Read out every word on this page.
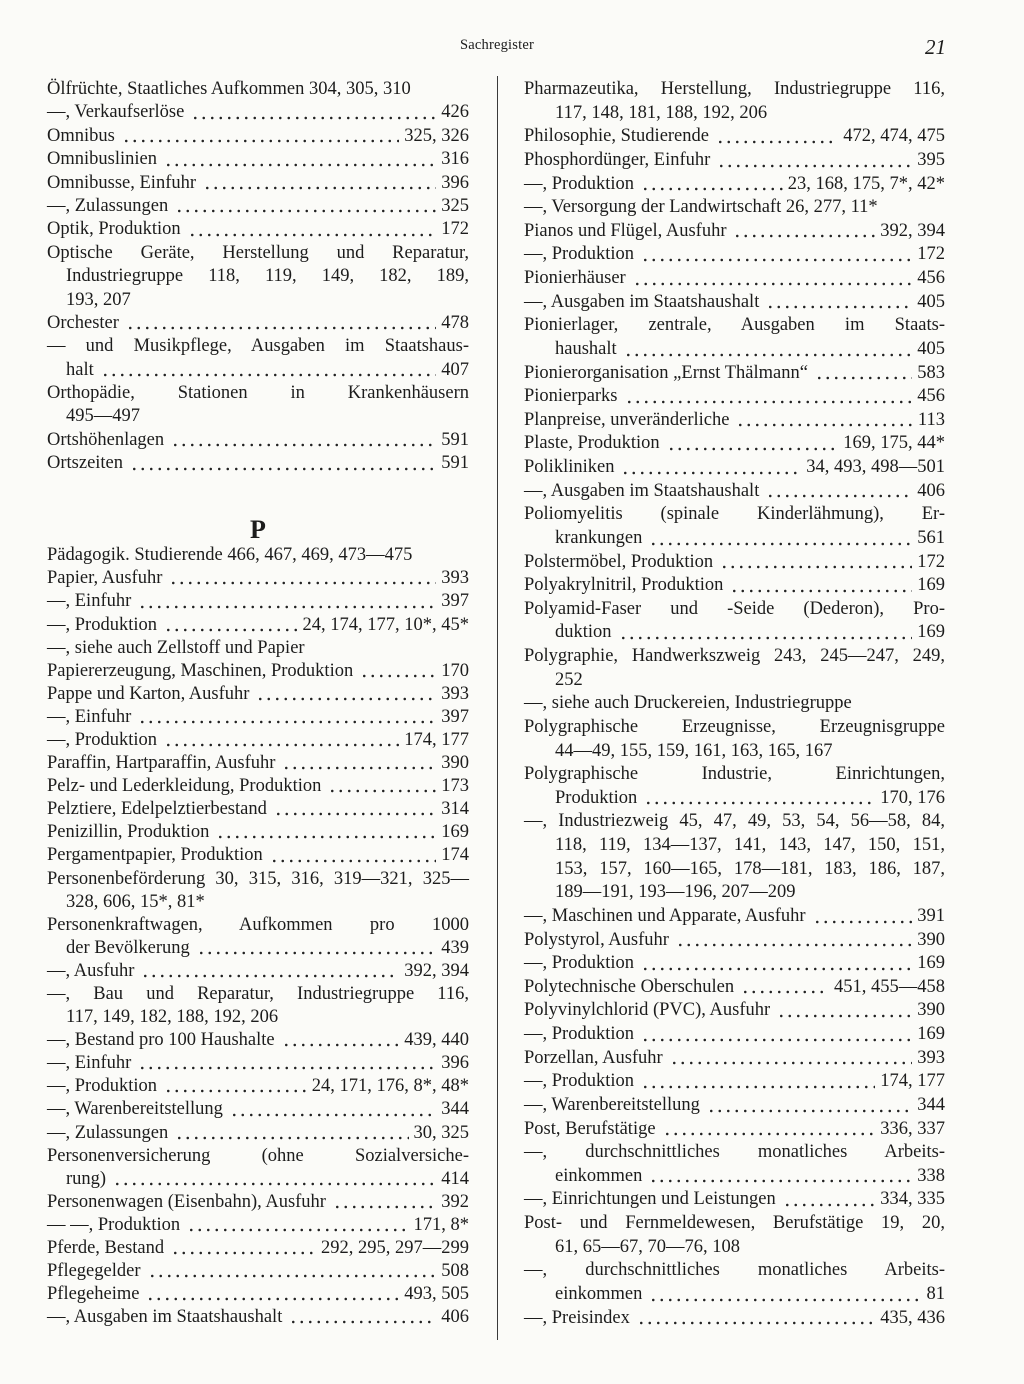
Sachregister	21
Ölfrüchte, Staatliches Aufkommen 304, 305, 310
—, Verkaufserlöse	426
Omnibus	325, 326
Omnibuslinien	316
Omnibusse, Einfuhr	396
—, Zulassungen	325
Optik, Produktion	172
Optische Geräte, Herstellung und Reparatur,
Industriegruppe 118, 119, 149, 182, 189,
193, 207
Orchester	478
— und Musikpflege, Ausgaben im Staatshaus-
halt	407
Orthopädie, Stationen in Krankenhäusern
495—497
Ortshöhenlagen	591
Ortszeiten	591
P
Pädagogik. Studierende 466, 467, 469, 473—475
Papier, Ausfuhr	393
—, Einfuhr	397
—, Produktion	24, 174, 177, 10*, 45*
—, siehe auch Zellstoff und Papier
Papiererzeugung, Maschinen, Produktion	170
Pappe und Karton, Ausfuhr	393
—, Einfuhr	397
—, Produktion	174, 177
Paraffin, Hartparaffin, Ausfuhr	390
Pelz- und Lederkleidung, Produktion	173
Pelztiere, Edelpelztierbestand	314
Penizillin, Produktion	169
Pergamentpapier, Produktion	174
Personenbeförderung 30, 315, 316, 319—321, 325—
328, 606, 15*, 81*
Personenkraftwagen, Aufkommen pro 1000
der Bevölkerung	439
—, Ausfuhr	392, 394
—, Bau und Reparatur, Industriegruppe 116,
117, 149, 182, 188, 192, 206
—, Bestand pro 100 Haushalte	439, 440
—, Einfuhr	396
—, Produktion	24, 171, 176, 8*, 48*
—, Warenbereitstellung	344
—, Zulassungen	30, 325
Personenversicherung (ohne Sozialversiche-
rung)	414
Personenwagen (Eisenbahn), Ausfuhr	392
— —, Produktion	171, 8*
Pferde, Bestand	292, 295, 297—299
Pflegegelder	508
Pflegeheime	493, 505
—, Ausgaben im Staatshaushalt	406
Pharmazeutika, Herstellung, Industriegruppe 116,
117, 148, 181, 188, 192, 206
Philosophie, Studierende	472, 474, 475
Phosphordünger, Einfuhr	395
—, Produktion	23, 168, 175, 7*, 42*
—, Versorgung der Landwirtschaft 26, 277, 11*
Pianos und Flügel, Ausfuhr	392, 394
—, Produktion	172
Pionierhäuser	456
—, Ausgaben im Staatshaushalt	405
Pionierlager, zentrale, Ausgaben im Staats-
haushalt	405
Pionierorganisation „Ernst Thälmann“	583
Pionierparks	456
Planpreise, unveränderliche	113
Plaste, Produktion	169, 175, 44*
Polikliniken	34, 493, 498—501
—, Ausgaben im Staatshaushalt	406
Poliomyelitis (spinale Kinderlähmung), Er-
krankungen	561
Polstermöbel, Produktion	172
Polyakrylnitril, Produktion	169
Polyamid-Faser und -Seide (Dederon), Pro-
duktion	169
Polygraphie, Handwerkszweig 243, 245—247, 249,
252
—, siehe auch Druckereien, Industriegruppe
Polygraphische Erzeugnisse, Erzeugnisgruppe
44—49, 155, 159, 161, 163, 165, 167
Polygraphische Industrie, Einrichtungen,
Produktion	170, 176
—, Industriezweig 45, 47, 49, 53, 54, 56—58, 84,
118, 119, 134—137, 141, 143, 147, 150, 151,
153, 157, 160—165, 178—181, 183, 186, 187,
189—191, 193—196, 207—209
—, Maschinen und Apparate, Ausfuhr	391
Polystyrol, Ausfuhr	390
—, Produktion	169
Polytechnische Oberschulen	451, 455—458
Polyvinylchlorid (PVC), Ausfuhr	390
—, Produktion	169
Porzellan, Ausfuhr	393
—, Produktion	174, 177
—, Warenbereitstellung	344
Post, Berufstätige	336, 337
—, durchschnittliches monatliches Arbeits-
einkommen	338
—, Einrichtungen und Leistungen	334, 335
Post- und Fernmeldewesen, Berufstätige 19, 20,
61, 65—67, 70—76, 108
—, durchschnittliches monatliches Arbeits-
einkommen	81
—, Preisindex	435, 436
